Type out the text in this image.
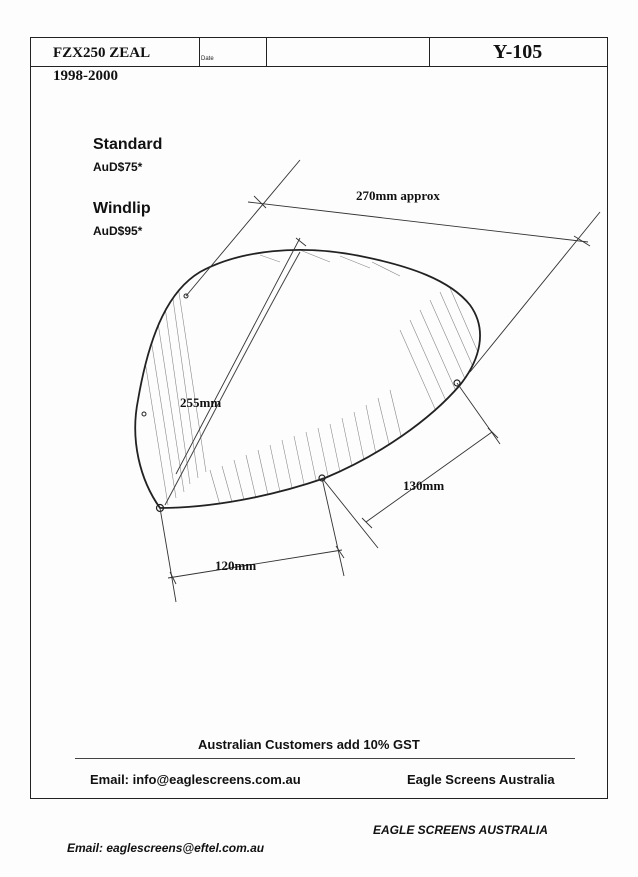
FZX250 ZEAL	Date	Y-105
1998-2000
Standard
AuD$75*
Windlip
AuD$95*
270mm approx
255mm
130mm
120mm
Australian Customers add 10% GST
Email: info@eaglescreens.com.au	Eagle Screens Australia
EAGLE SCREENS AUSTRALIA
Email: eaglescreens@eftel.com.au
